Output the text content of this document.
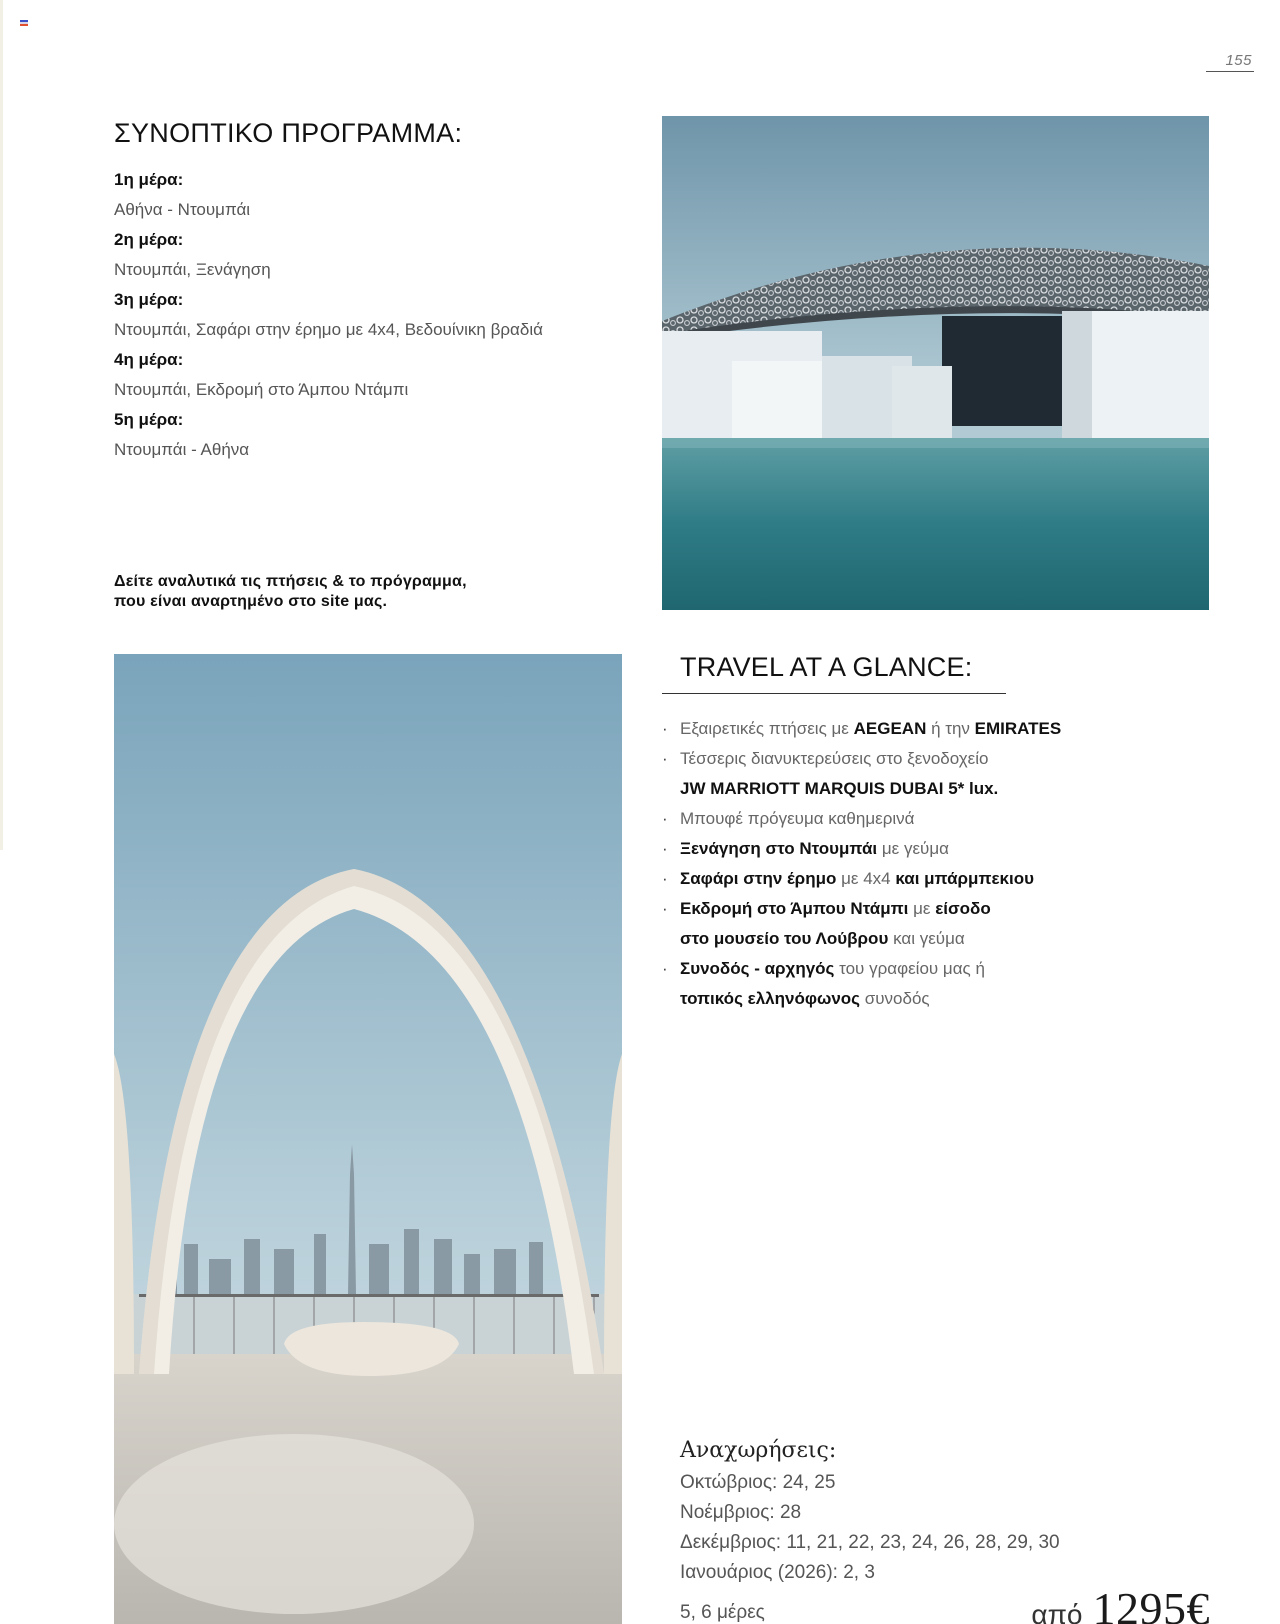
155
ΣΥΝΟΠΤΙΚΟ ΠΡΟΓΡΑΜΜΑ:
1η μέρα:
Αθήνα - Ντουμπάι
2η μέρα:
Ντουμπάι, Ξενάγηση
3η μέρα:
Ντουμπάι, Σαφάρι στην έρημο με 4x4, Βεδουίνικη βραδιά
4η μέρα:
Ντουμπάι, Εκδρομή στο Άμπου Ντάμπι
5η μέρα:
Ντουμπάι - Αθήνα
Δείτε αναλυτικά τις πτήσεις & το πρόγραμμα,
που είναι αναρτημένο στο site μας.
TRAVEL AT A GLANCE:
· Εξαιρετικές πτήσεις με AEGEAN ή την EMIRATES
· Τέσσερις διανυκτερεύσεις στο ξενοδοχείο
JW MARRIOTT MARQUIS DUBAI 5* lux.
· Μπουφέ πρόγευμα καθημερινά
· Ξενάγηση στο Ντουμπάι με γεύμα
· Σαφάρι στην έρημο με 4x4 και μπάρμπεκιου
· Εκδρομή στο Άμπου Ντάμπι με είσοδο
στο μουσείο του Λούβρου και γεύμα
· Συνοδός - αρχηγός του γραφείου μας ή
τοπικός ελληνόφωνος συνοδός
Αναχωρήσεις:
Οκτώβριος: 24, 25
Νοέμβριος: 28
Δεκέμβριος: 11, 21, 22, 23, 24, 26, 28, 29, 30
Ιανουάριος (2026): 2, 3
5, 6 μέρες	από 1295€
